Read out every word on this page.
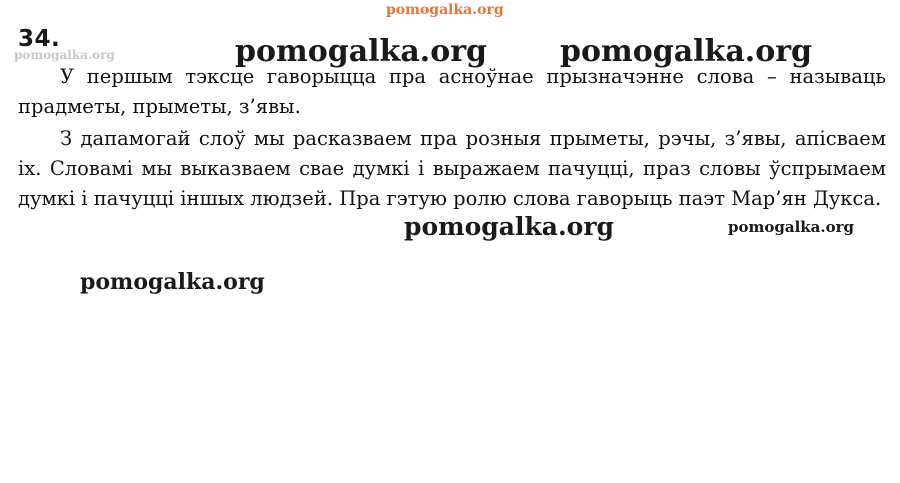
pomogalka.org
pomogalka.org
pomogalka.org pomogalka.org
34.

У першым тэксце гаворыцца пра асноўнае прызначэнне слова – называць прадметы, прыметы, з’явы.

З дапамогай слоў мы расказваем пра розныя прыметы, рэчы, з’явы, апісваем іх. Словамі мы выказваем свае думкі і выражаем пачуцці, праз словы ўспрымаем думкі і пачуцці іншых людзей. Пра гэтую ролю слова гаворыць паэт Мар’ян Дукса.

pomogalka.org	pomogalka.org
pomogalka.org
